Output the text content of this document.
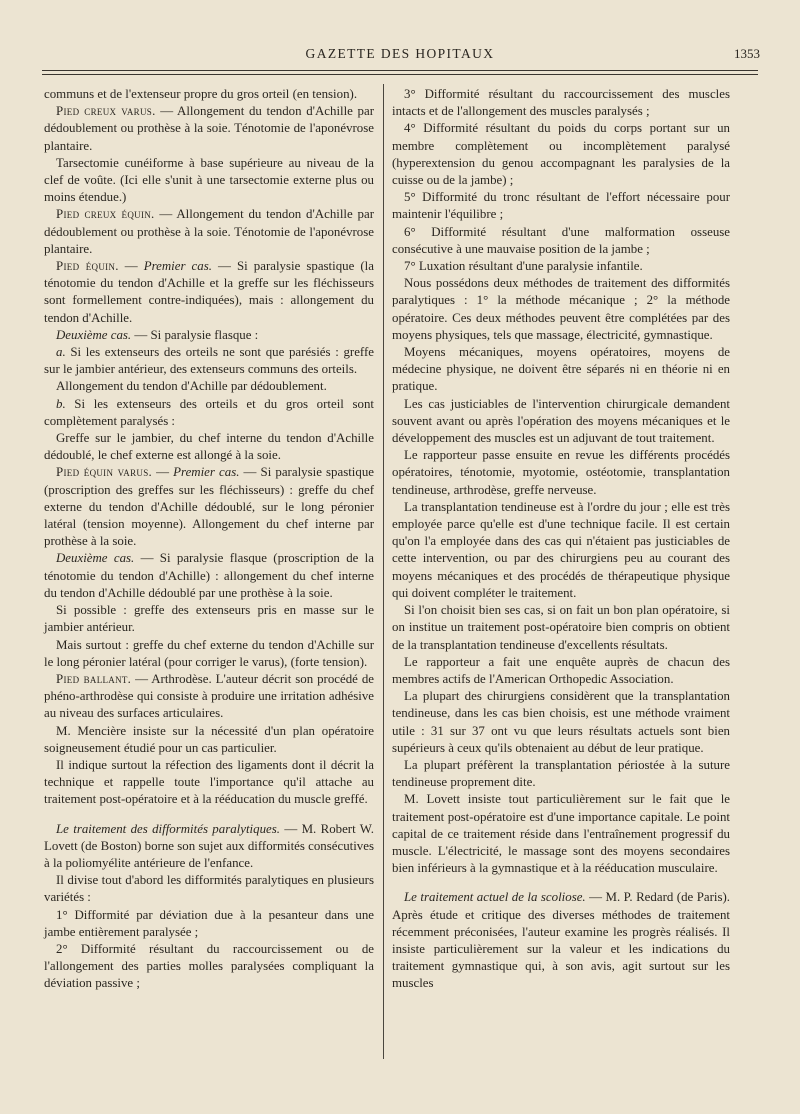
GAZETTE DES HOPITAUX	1353

communs et de l'extenseur propre du gros orteil (en tension).

Pied creux varus. — Allongement du tendon d'Achille par dédoublement ou prothèse à la soie. Ténotomie de l'aponévrose plantaire.

Tarsectomie cunéiforme à base supérieure au niveau de la clef de voûte. (Ici elle s'unit à une tarsectomie externe plus ou moins étendue.)

Pied creux équin. — Allongement du tendon d'Achille par dédoublement ou prothèse à la soie. Ténotomie de l'aponévrose plantaire.

Pied équin. — Premier cas. — Si paralysie spastique (la ténotomie du tendon d'Achille et la greffe sur les fléchisseurs sont formellement contre-indiquées), mais : allongement du tendon d'Achille.

Deuxième cas. — Si paralysie flasque :

a. Si les extenseurs des orteils ne sont que parésiés : greffe sur le jambier antérieur, des extenseurs communs des orteils.

Allongement du tendon d'Achille par dédoublement.

b. Si les extenseurs des orteils et du gros orteil sont complètement paralysés :

Greffe sur le jambier, du chef interne du tendon d'Achille dédoublé, le chef externe est allongé à la soie.

Pied équin varus. — Premier cas. — Si paralysie spastique (proscription des greffes sur les fléchisseurs) : greffe du chef externe du tendon d'Achille dédoublé, sur le long péronier latéral (tension moyenne). Allongement du chef interne par prothèse à la soie.

Deuxième cas. — Si paralysie flasque (proscription de la ténotomie du tendon d'Achille) : allongement du chef interne du tendon d'Achille dédoublé par une prothèse à la soie.

Si possible : greffe des extenseurs pris en masse sur le jambier antérieur.

Mais surtout : greffe du chef externe du tendon d'Achille sur le long péronier latéral (pour corriger le varus), (forte tension).

Pied ballant. — Arthrodèse. L'auteur décrit son procédé de phéno-arthrodèse qui consiste à produire une irritation adhésive au niveau des surfaces articulaires.

M. Mencière insiste sur la nécessité d'un plan opératoire soigneusement étudié pour un cas particulier.

Il indique surtout la réfection des ligaments dont il décrit la technique et rappelle toute l'importance qu'il attache au traitement post-opératoire et à la rééducation du muscle greffé.

Le traitement des difformités paralytiques. — M. Robert W. Lovett (de Boston) borne son sujet aux difformités consécutives à la poliomyélite antérieure de l'enfance.

Il divise tout d'abord les difformités paralytiques en plusieurs variétés :

1° Difformité par déviation due à la pesanteur dans une jambe entièrement paralysée ;

2° Difformité résultant du raccourcissement ou de l'allongement des parties molles paralysées compliquant la déviation passive ;

3° Difformité résultant du raccourcissement des muscles intacts et de l'allongement des muscles paralysés ;

4° Difformité résultant du poids du corps portant sur un membre complètement ou incomplètement paralysé (hyperextension du genou accompagnant les paralysies de la cuisse ou de la jambe) ;

5° Difformité du tronc résultant de l'effort nécessaire pour maintenir l'équilibre ;

6° Difformité résultant d'une malformation osseuse consécutive à une mauvaise position de la jambe ;

7° Luxation résultant d'une paralysie infantile.

Nous possédons deux méthodes de traitement des difformités paralytiques : 1° la méthode mécanique ; 2° la méthode opératoire. Ces deux méthodes peuvent être complétées par des moyens physiques, tels que massage, électricité, gymnastique.

Moyens mécaniques, moyens opératoires, moyens de médecine physique, ne doivent être séparés ni en théorie ni en pratique.

Les cas justiciables de l'intervention chirurgicale demandent souvent avant ou après l'opération des moyens mécaniques et le développement des muscles est un adjuvant de tout traitement.

Le rapporteur passe ensuite en revue les différents procédés opératoires, ténotomie, myotomie, ostéotomie, transplantation tendineuse, arthrodèse, greffe nerveuse.

La transplantation tendineuse est à l'ordre du jour ; elle est très employée parce qu'elle est d'une technique facile. Il est certain qu'on l'a employée dans des cas qui n'étaient pas justiciables de cette intervention, ou par des chirurgiens peu au courant des moyens mécaniques et des procédés de thérapeutique physique qui doivent compléter le traitement.

Si l'on choisit bien ses cas, si on fait un bon plan opératoire, si on institue un traitement post-opératoire bien compris on obtient de la transplantation tendineuse d'excellents résultats.

Le rapporteur a fait une enquête auprès de chacun des membres actifs de l'American Orthopedic Association.

La plupart des chirurgiens considèrent que la transplantation tendineuse, dans les cas bien choisis, est une méthode vraiment utile : 31 sur 37 ont vu que leurs résultats actuels sont bien supérieurs à ceux qu'ils obtenaient au début de leur pratique.

La plupart préfèrent la transplantation périostée à la suture tendineuse proprement dite.

M. Lovett insiste tout particulièrement sur le fait que le traitement post-opératoire est d'une importance capitale. Le point capital de ce traitement réside dans l'entraînement progressif du muscle. L'électricité, le massage sont des moyens secondaires bien inférieurs à la gymnastique et à la rééducation musculaire.

Le traitement actuel de la scoliose. — M. P. Redard (de Paris). Après étude et critique des diverses méthodes de traitement récemment préconisées, l'auteur examine les progrès réalisés. Il insiste particulièrement sur la valeur et les indications du traitement gymnastique qui, à son avis, agit surtout sur les muscles
